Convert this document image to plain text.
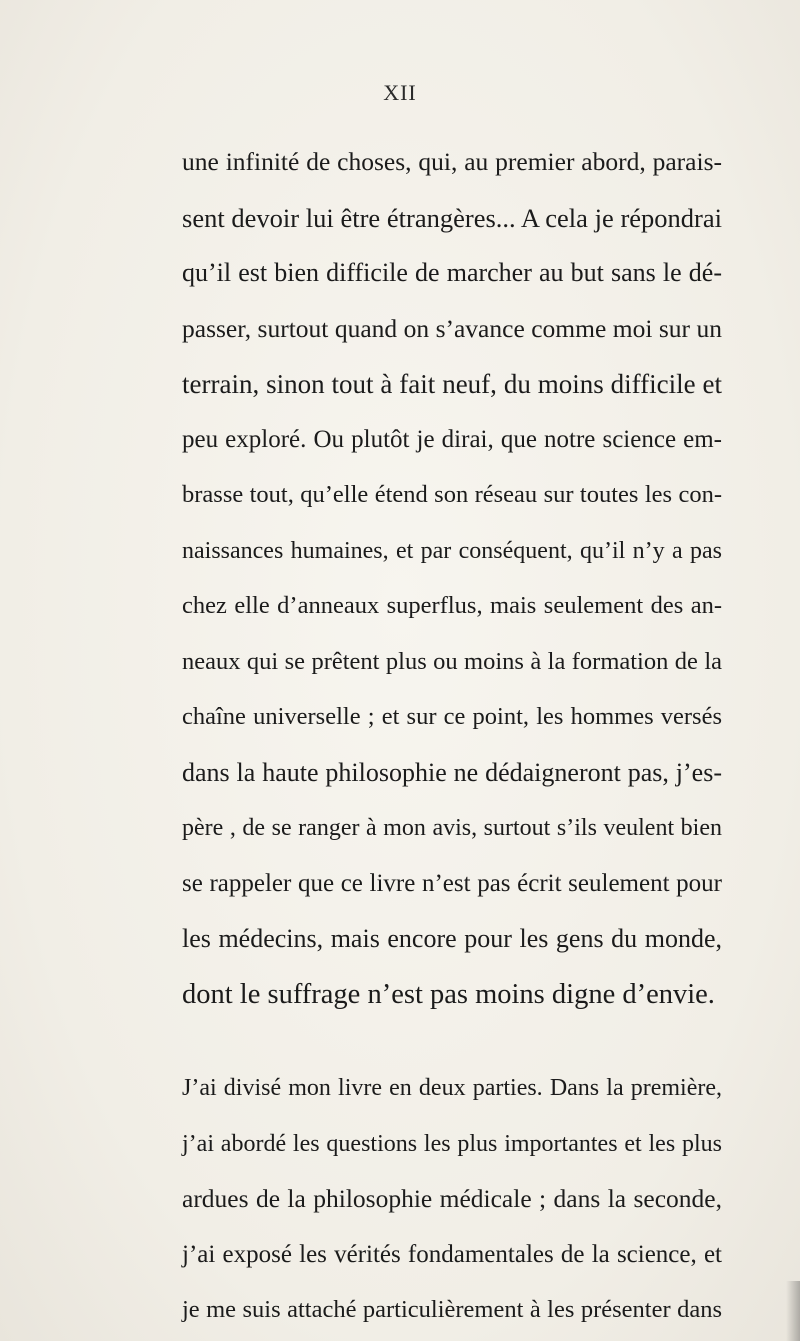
XII
une infinité de choses, qui, au premier abord, parais-
sent devoir lui être étrangères... A cela je répondrai
qu’il est bien difficile de marcher au but sans le dé-
passer, surtout quand on s’avance comme moi sur un
terrain, sinon tout à fait neuf, du moins difficile et
peu exploré. Ou plutôt je dirai, que notre science em-
brasse tout, qu’elle étend son réseau sur toutes les con-
naissances humaines, et par conséquent, qu’il n’y a pas
chez elle d’anneaux superflus, mais seulement des an-
neaux qui se prêtent plus ou moins à la formation de la
chaîne universelle ; et sur ce point, les hommes versés
dans la haute philosophie ne dédaigneront pas, j’es-
père , de se ranger à mon avis, surtout s’ils veulent bien
se rappeler que ce livre n’est pas écrit seulement pour
les médecins, mais encore pour les gens du monde,
dont le suffrage n’est pas moins digne d’envie.
J’ai divisé mon livre en deux parties. Dans la première,
j’ai abordé les questions les plus importantes et les plus
ardues de la philosophie médicale ; dans la seconde,
j’ai exposé les vérités fondamentales de la science, et
je me suis attaché particulièrement à les présenter dans
